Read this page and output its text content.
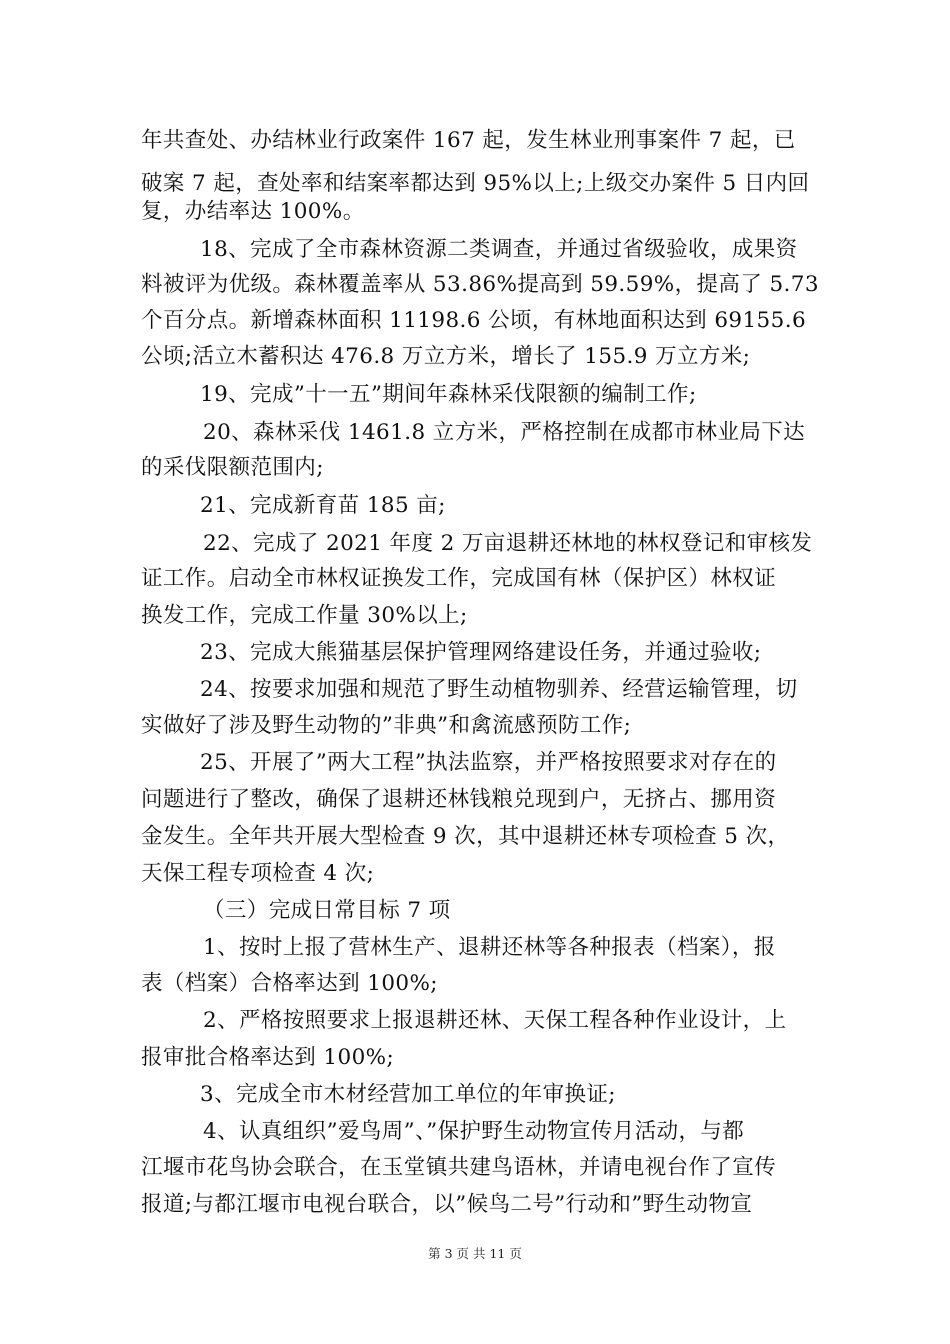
年共查处、办结林业行政案件 167 起，发生林业刑事案件 7 起，已
破案 7 起，查处率和结案率都达到 95%以上;上级交办案件 5 日内回
复，办结率达 100%。
18、完成了全市森林资源二类调查，并通过省级验收，成果资
料被评为优级。森林覆盖率从 53.86%提高到 59.59%，提高了 5.73
个百分点。新增森林面积 11198.6 公顷，有林地面积达到 69155.6
公顷;活立木蓄积达 476.8 万立方米，增长了 155.9 万立方米;
19、完成”十一五”期间年森林采伐限额的编制工作;
20、森林采伐 1461.8 立方米，严格控制在成都市林业局下达
的采伐限额范围内;
21、完成新育苗 185 亩;
22、完成了 2021 年度 2 万亩退耕还林地的林权登记和审核发
证工作。启动全市林权证换发工作，完成国有林（保护区）林权证
换发工作，完成工作量 30%以上;
23、完成大熊猫基层保护管理网络建设任务，并通过验收;
24、按要求加强和规范了野生动植物驯养、经营运输管理，切
实做好了涉及野生动物的”非典”和禽流感预防工作;
25、开展了”两大工程”执法监察，并严格按照要求对存在的
问题进行了整改，确保了退耕还林钱粮兑现到户，无挤占、挪用资
金发生。全年共开展大型检查 9 次，其中退耕还林专项检查 5 次，
天保工程专项检查 4 次;
（三）完成日常目标 7 项
1、按时上报了营林生产、退耕还林等各种报表（档案），报
表（档案）合格率达到 100%;
2、严格按照要求上报退耕还林、天保工程各种作业设计，上
报审批合格率达到 100%;
3、完成全市木材经营加工单位的年审换证;
4、认真组织”爱鸟周”、”保护野生动物宣传月活动，与都
江堰市花鸟协会联合，在玉堂镇共建鸟语林，并请电视台作了宣传
报道;与都江堰市电视台联合，以”候鸟二号”行动和”野生动物宣
第 3 页 共 11 页
